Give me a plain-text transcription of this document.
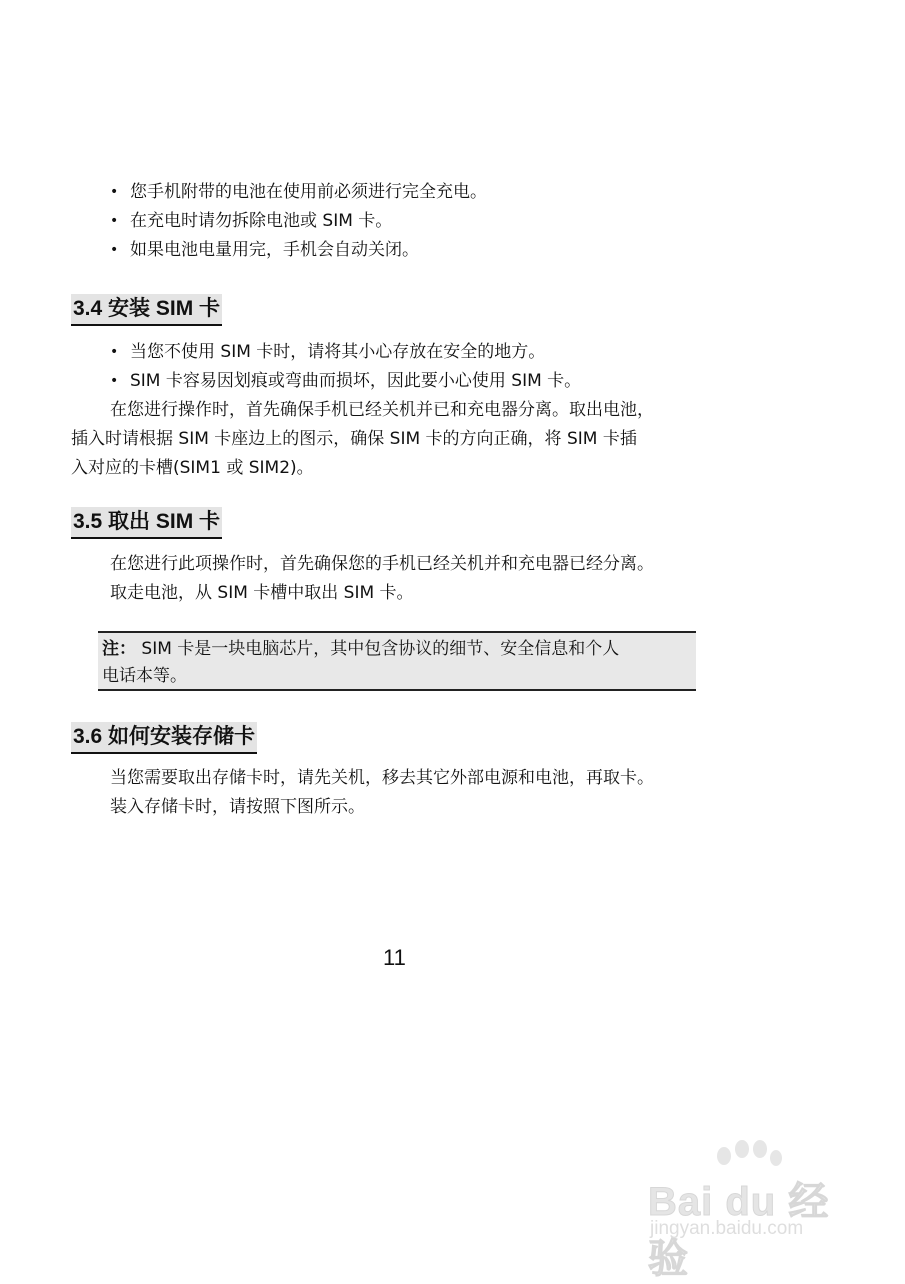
• 您手机附带的电池在使用前必须进行完全充电。
• 在充电时请勿拆除电池或 SIM 卡。
• 如果电池电量用完，手机会自动关闭。
3.4 安装 SIM 卡
• 当您不使用 SIM 卡时，请将其小心存放在安全的地方。
• SIM 卡容易因划痕或弯曲而损坏，因此要小心使用 SIM 卡。

在您进行操作时，首先确保手机已经关机并已和充电器分离。取出电池，

插入时请根据 SIM 卡座边上的图示，确保 SIM 卡的方向正确，将 SIM 卡插

入对应的卡槽(SIM1 或 SIM2)。

3.5 取出 SIM 卡

在您进行此项操作时，首先确保您的手机已经关机并和充电器已经分离。

取走电池，从 SIM 卡槽中取出 SIM 卡。

注： SIM 卡是一块电脑芯片，其中包含协议的细节、安全信息和个人
电话本等。
3.6 如何安装存储卡

当您需要取出存储卡时，请先关机，移去其它外部电源和电池，再取卡。

装入存储卡时，请按照下图所示。

11
Bai du 经验
jingyan.baidu.com
